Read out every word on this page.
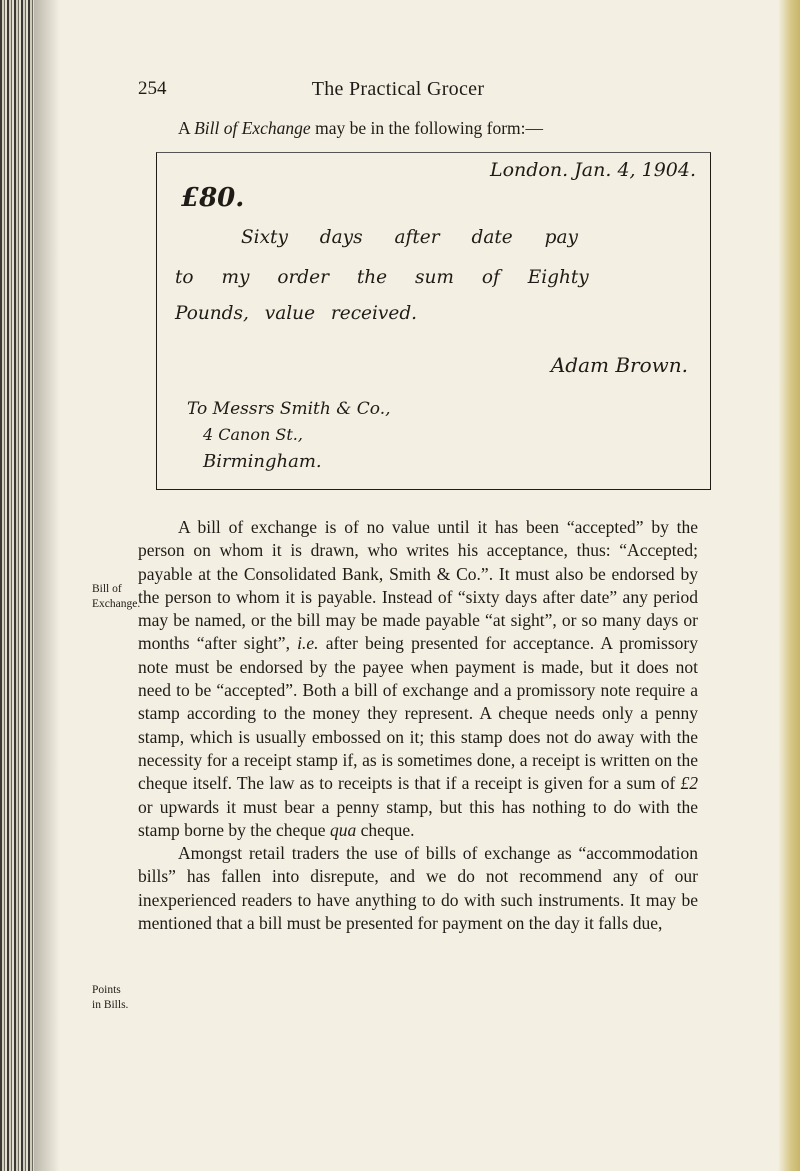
254	The Practical Grocer
A Bill of Exchange may be in the following form:—
£80.
London. Jan. 4, 1904.
Sixty days after date pay
to my order the sum of Eighty
Pounds, value received.
Adam Brown.
To Messrs Smith & Co.,
4 Canon St.,
Birmingham.
Bill of
Exchange.
Points
in Bills.

A bill of exchange is of no value until it has been “accepted” by the person on whom it is drawn, who writes his acceptance, thus: “Accepted; payable at the Consolidated Bank, Smith & Co.”. It must also be endorsed by the person to whom it is payable. Instead of “sixty days after date” any period may be named, or the bill may be made payable “at sight”, or so many days or months “after sight”, i.e. after being presented for acceptance. A promissory note must be endorsed by the payee when payment is made, but it does not need to be “accepted”. Both a bill of exchange and a promissory note require a stamp according to the money they represent. A cheque needs only a penny stamp, which is usually embossed on it; this stamp does not do away with the necessity for a receipt stamp if, as is sometimes done, a receipt is written on the cheque itself. The law as to receipts is that if a receipt is given for a sum of £2 or upwards it must bear a penny stamp, but this has nothing to do with the stamp borne by the cheque qua cheque.

Amongst retail traders the use of bills of exchange as “accommodation bills” has fallen into disrepute, and we do not recommend any of our inexperienced readers to have anything to do with such instruments. It may be mentioned that a bill must be presented for payment on the day it falls due,
